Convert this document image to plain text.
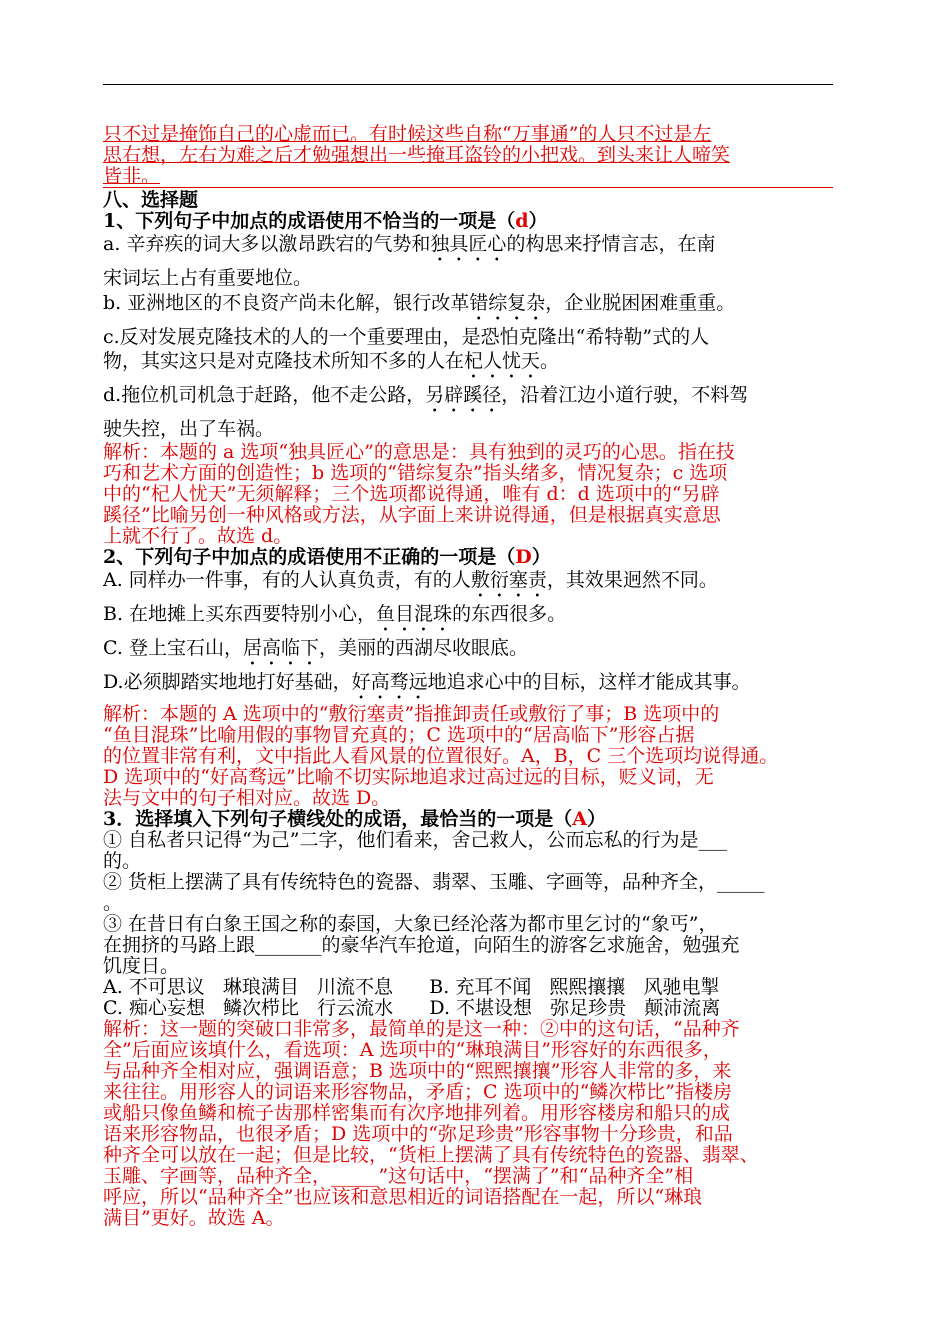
只不过是掩饰自己的心虚而已。有时候这些自称“万事通”的人只不过是左
思右想，左右为难之后才勉强想出一些掩耳盗铃的小把戏。到头来让人啼笑
皆非。
八、选择题
1、下列句子中加点的成语使用不恰当的一项是（d）
a. 辛弃疾的词大多以激昂跌宕的气势和独具匠心的构思来抒情言志，在南
宋词坛上占有重要地位。
b. 亚洲地区的不良资产尚未化解，银行改革错综复杂，企业脱困困难重重。
c.反对发展克隆技术的人的一个重要理由，是恐怕克隆出“希特勒”式的人
物，其实这只是对克隆技术所知不多的人在杞人忧天。
d.拖位机司机急于赶路，他不走公路，另辟蹊径，沿着江边小道行驶，不料驾
驶失控，出了车祸。
解析：本题的 a 选项“独具匠心”的意思是：具有独到的灵巧的心思。指在技
巧和艺术方面的创造性；b 选项的“错综复杂”指头绪多，情况复杂；c 选项
中的“杞人忧天”无须解释；三个选项都说得通，唯有 d：d 选项中的“另辟
蹊径”比喻另创一种风格或方法，从字面上来讲说得通，但是根据真实意思
上就不行了。故选 d。
2、下列句子中加点的成语使用不正确的一项是（D）
A. 同样办一件事，有的人认真负责，有的人敷衍塞责，其效果迥然不同。
B. 在地摊上买东西要特别小心，鱼目混珠的东西很多。
C. 登上宝石山，居高临下，美丽的西湖尽收眼底。
D.必须脚踏实地地打好基础，好高骛远地追求心中的目标，这样才能成其事。
解析：本题的 A 选项中的“敷衍塞责”指推卸责任或敷衍了事；B 选项中的
“鱼目混珠”比喻用假的事物冒充真的；C 选项中的“居高临下”形容占据
的位置非常有利，文中指此人看风景的位置很好。A，B，C 三个选项均说得通。
D 选项中的“好高骛远”比喻不切实际地追求过高过远的目标，贬义词，无
法与文中的句子相对应。故选 D。
3．选择填入下列句子横线处的成语，最恰当的一项是（A）
① 自私者只记得“为己”二字，他们看来，舍己救人，公而忘私的行为是___
的。
② 货柜上摆满了具有传统特色的瓷器、翡翠、玉雕、字画等，品种齐全，_____
。
③ 在昔日有白象王国之称的泰国，大象已经沦落为都市里乞讨的“象丐”，
在拥挤的马路上跟_______的豪华汽车抢道，向陌生的游客乞求施舍，勉强充
饥度日。
A. 不可思议   琳琅满目   川流不息      B. 充耳不闻   熙熙攘攘   风驰电掣
C. 痴心妄想   鳞次栉比   行云流水      D. 不堪设想   弥足珍贵   颠沛流离
解析：这一题的突破口非常多，最简单的是这一种：②中的这句话，“品种齐
全”后面应该填什么，看选项：A 选项中的“琳琅满目”形容好的东西很多，
与品种齐全相对应，强调语意；B 选项中的“熙熙攘攘”形容人非常的多，来
来往往。用形容人的词语来形容物品，矛盾；C 选项中的“鳞次栉比”指楼房
或船只像鱼鳞和梳子齿那样密集而有次序地排列着。用形容楼房和船只的成
语来形容物品，也很矛盾；D 选项中的“弥足珍贵”形容事物十分珍贵，和品
种齐全可以放在一起；但是比较，“货柜上摆满了具有传统特色的瓷器、翡翠、
玉雕、字画等，品种齐全，_____”这句话中，“摆满了”和“品种齐全”相
呼应，所以“品种齐全”也应该和意思相近的词语搭配在一起，所以“琳琅
满目”更好。故选 A。
